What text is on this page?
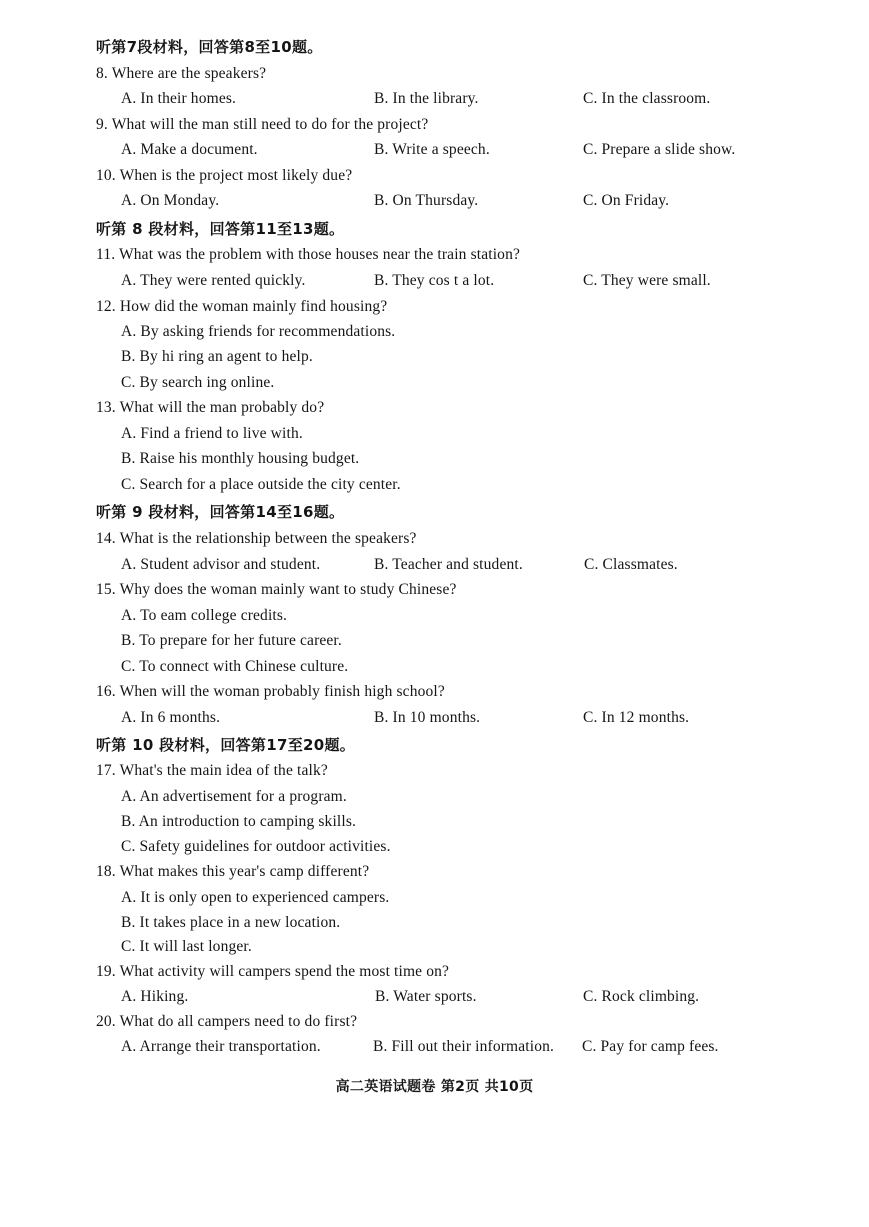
听第7段材料，回答第8至10题。
8. Where are the speakers?
A. In their homes.	B. In the library.	C. In the classroom.
9. What will the man still need to do for the project?
A. Make a document.	B. Write a speech.	C. Prepare a slide show.
10. When is the project most likely due?
A. On Monday.	B. On Thursday.	C. On Friday.
听第 8 段材料，回答第11至13题。
11. What was the problem with those houses near the train station?
A. They were rented quickly.	B. They cos t a lot.	C. They were small.
12. How did the woman mainly find housing?
A. By asking friends for recommendations.
B. By hi ring an agent to help.
C. By search ing online.
13. What will the man probably do?
A. Find a friend to live with.
B. Raise his monthly housing budget.
C. Search for a place outside the city center.
听第 9 段材料，回答第14至16题。
14. What is the relationship between the speakers?
A. Student advisor and student.	B. Teacher and student.	C. Classmates.
15. Why does the woman mainly want to study Chinese?
A. To eam college credits.
B. To prepare for her future career.
C. To connect with Chinese culture.
16. When will the woman probably finish high school?
A. In 6 months.	B. In 10 months.	C. In 12 months.
听第 10 段材料，回答第17至20题。
17. What's the main idea of the talk?
A. An advertisement for a program.
B. An introduction to camping skills.
C. Safety guidelines for outdoor activities.
18. What makes this year's camp different?
A. It is only open to experienced campers.
B. It takes place in a new location.
C. It will last longer.
19. What activity will campers spend the most time on?
A. Hiking.	B. Water sports.	C. Rock climbing.
20. What do all campers need to do first?
A. Arrange their transportation.	B. Fill out their information. C. Pay for camp fees.
高二英语试题卷 第2页 共10页
